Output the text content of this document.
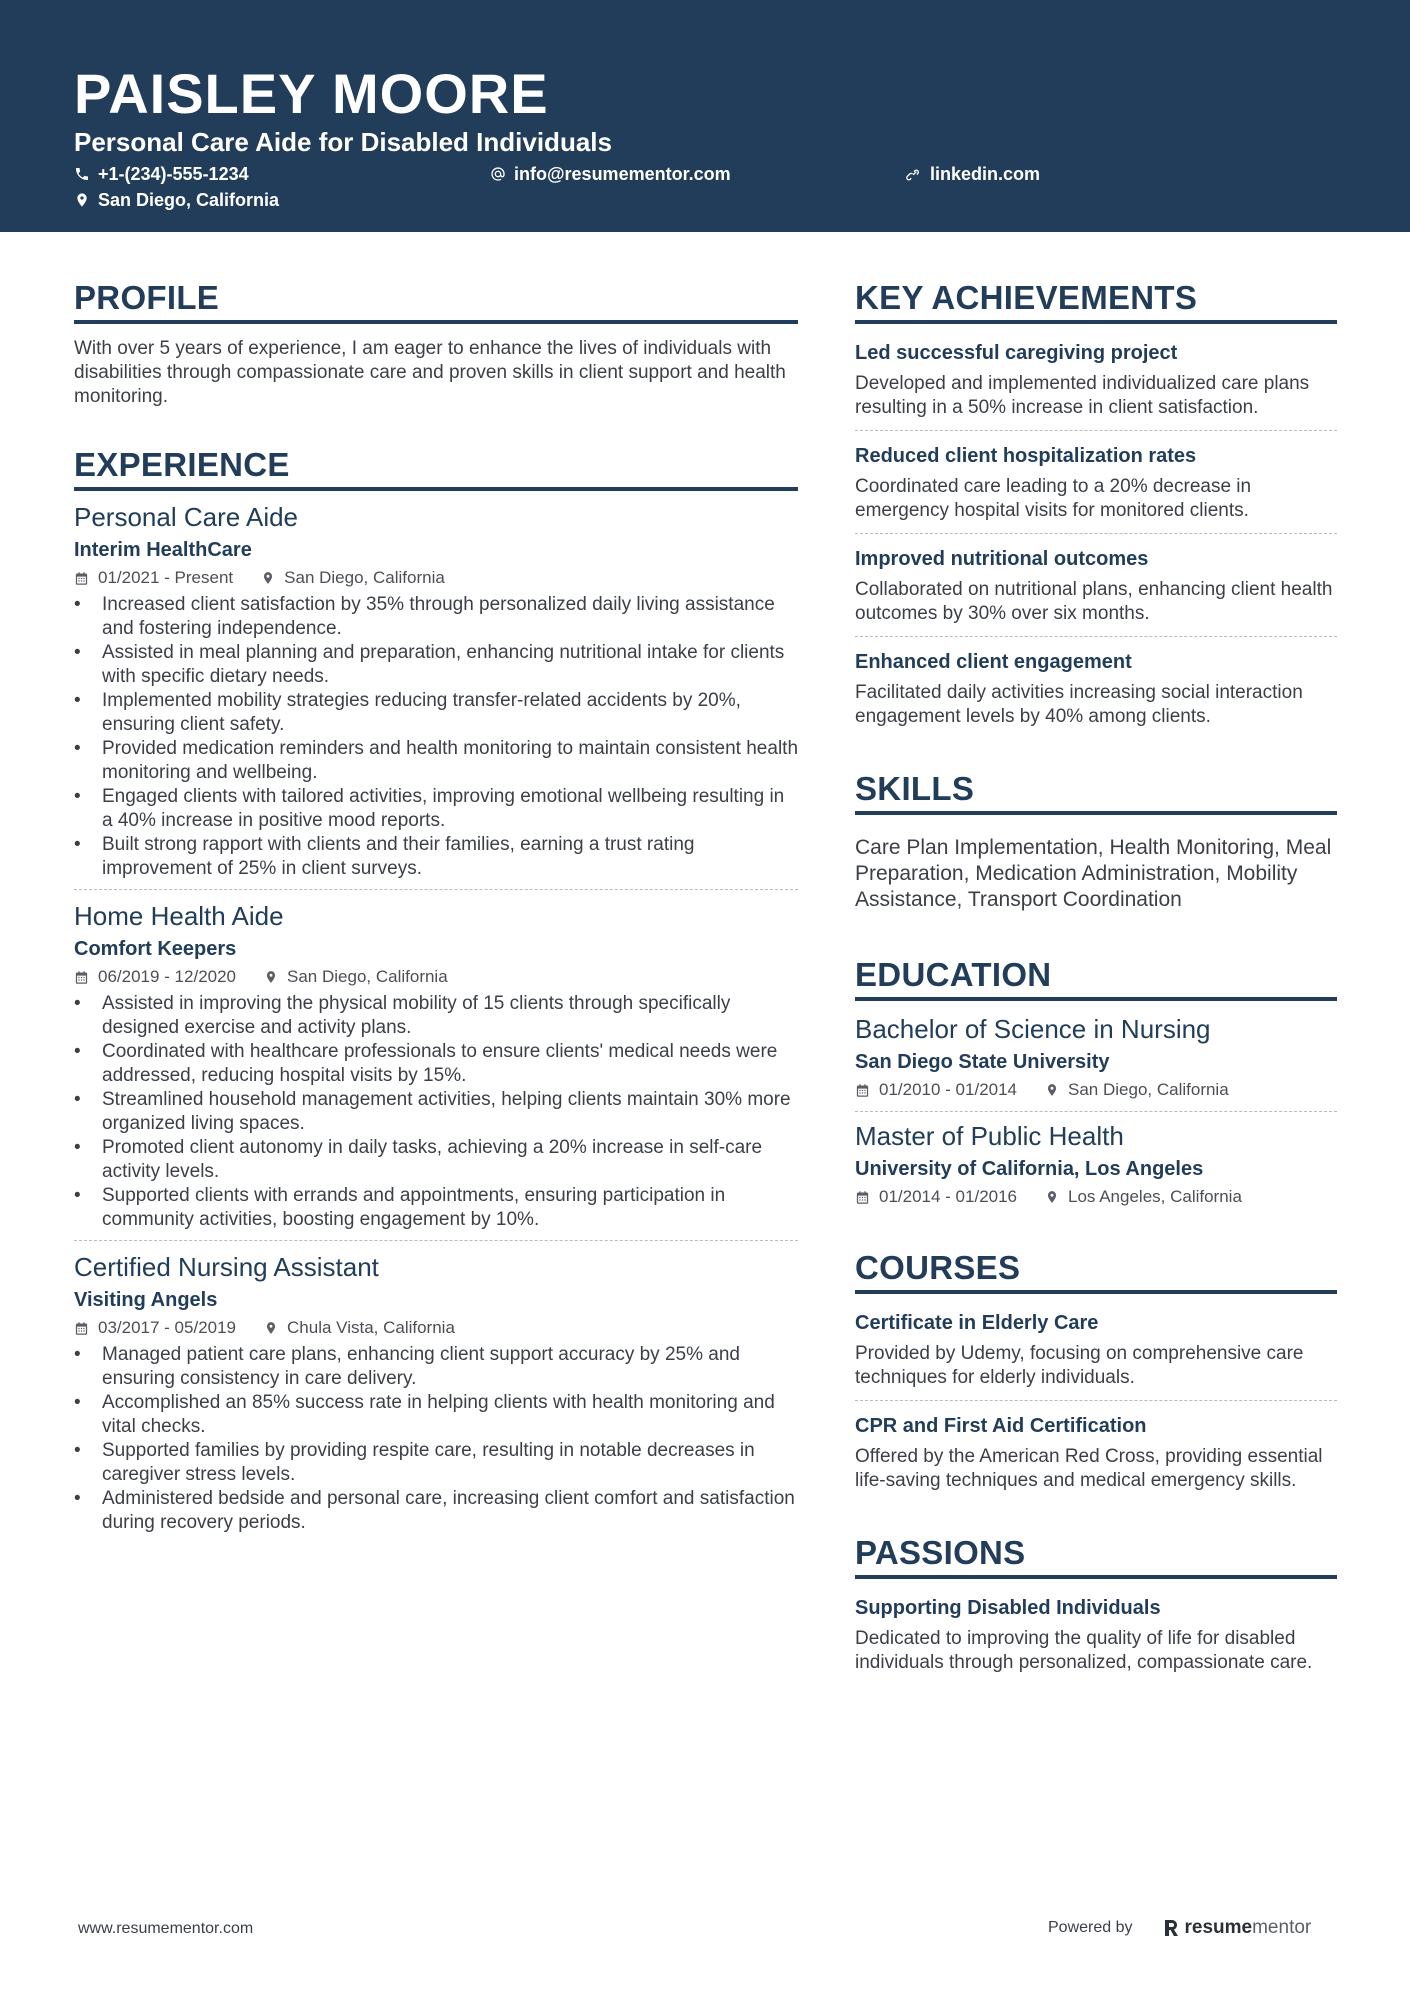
PAISLEY MOORE
Personal Care Aide for Disabled Individuals
+1-(234)-555-1234	info@resumementor.com	linkedin.com
San Diego, California
PROFILE
With over 5 years of experience, I am eager to enhance the lives of individuals with disabilities through compassionate care and proven skills in client support and health monitoring.
EXPERIENCE
Personal Care Aide
Interim HealthCare
01/2021 - Present	San Diego, California
• Increased client satisfaction by 35% through personalized daily living assistance and fostering independence.
• Assisted in meal planning and preparation, enhancing nutritional intake for clients with specific dietary needs.
• Implemented mobility strategies reducing transfer-related accidents by 20%, ensuring client safety.
• Provided medication reminders and health monitoring to maintain consistent health monitoring and wellbeing.
• Engaged clients with tailored activities, improving emotional wellbeing resulting in a 40% increase in positive mood reports.
• Built strong rapport with clients and their families, earning a trust rating improvement of 25% in client surveys.
Home Health Aide
Comfort Keepers
06/2019 - 12/2020	San Diego, California
• Assisted in improving the physical mobility of 15 clients through specifically designed exercise and activity plans.
• Coordinated with healthcare professionals to ensure clients' medical needs were addressed, reducing hospital visits by 15%.
• Streamlined household management activities, helping clients maintain 30% more organized living spaces.
• Promoted client autonomy in daily tasks, achieving a 20% increase in self-care activity levels.
• Supported clients with errands and appointments, ensuring participation in community activities, boosting engagement by 10%.
Certified Nursing Assistant
Visiting Angels
03/2017 - 05/2019	Chula Vista, California
• Managed patient care plans, enhancing client support accuracy by 25% and ensuring consistency in care delivery.
• Accomplished an 85% success rate in helping clients with health monitoring and vital checks.
• Supported families by providing respite care, resulting in notable decreases in caregiver stress levels.
• Administered bedside and personal care, increasing client comfort and satisfaction during recovery periods.
KEY ACHIEVEMENTS
Led successful caregiving project
Developed and implemented individualized care plans resulting in a 50% increase in client satisfaction.
Reduced client hospitalization rates
Coordinated care leading to a 20% decrease in emergency hospital visits for monitored clients.
Improved nutritional outcomes
Collaborated on nutritional plans, enhancing client health outcomes by 30% over six months.
Enhanced client engagement
Facilitated daily activities increasing social interaction engagement levels by 40% among clients.
SKILLS
Care Plan Implementation, Health Monitoring, Meal Preparation, Medication Administration, Mobility Assistance, Transport Coordination
EDUCATION
Bachelor of Science in Nursing
San Diego State University
01/2010 - 01/2014	San Diego, California
Master of Public Health
University of California, Los Angeles
01/2014 - 01/2016	Los Angeles, California
COURSES
Certificate in Elderly Care
Provided by Udemy, focusing on comprehensive care techniques for elderly individuals.
CPR and First Aid Certification
Offered by the American Red Cross, providing essential life-saving techniques and medical emergency skills.
PASSIONS
Supporting Disabled Individuals
Dedicated to improving the quality of life for disabled individuals through personalized, compassionate care.
www.resumementor.com	Powered by	resume mentor
